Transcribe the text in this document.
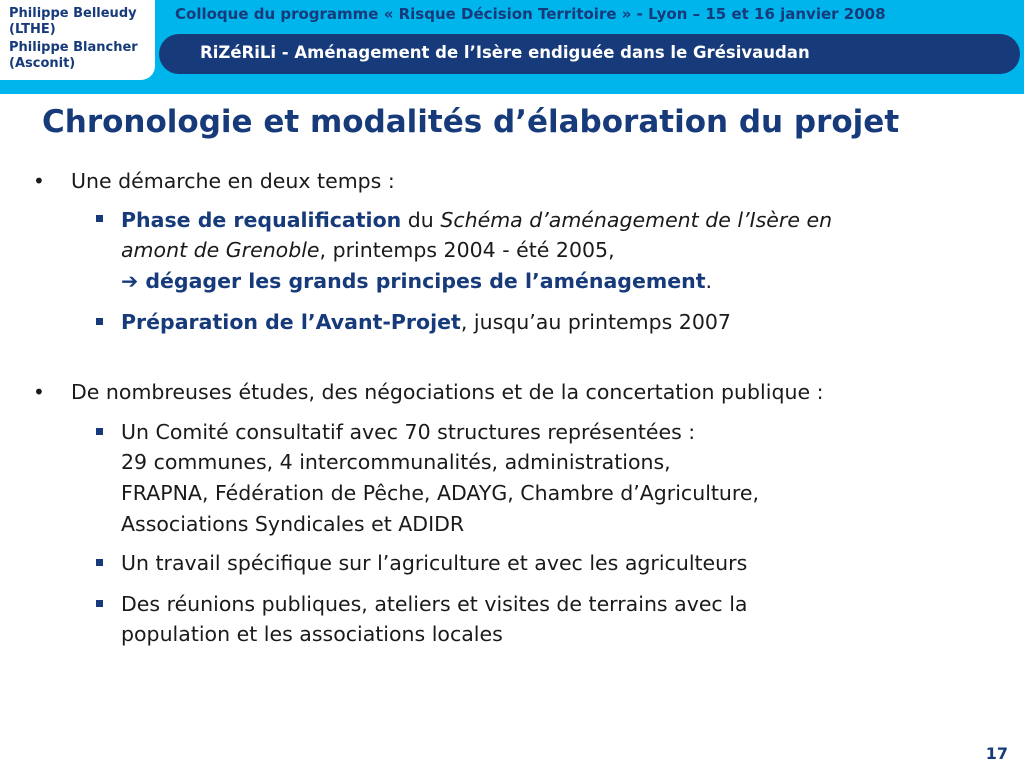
Philippe Belleudy
(LTHE)
Philippe Blancher
(Asconit)
Colloque du programme « Risque Décision Territoire » - Lyon – 15 et 16 janvier 2008
RiZéRiLi - Aménagement de l’Isère endiguée dans le Grésivaudan
Chronologie et modalités d’élaboration du projet
• Une démarche en deux temps :
Phase de requalification du Schéma d’aménagement de l’Isère en
amont de Grenoble, printemps 2004 - été 2005,
➔ dégager les grands principes de l’aménagement.
Préparation de l’Avant-Projet, jusqu’au printemps 2007
• De nombreuses études, des négociations et de la concertation publique :
Un Comité consultatif avec 70 structures représentées :
29 communes, 4 intercommunalités, administrations,
FRAPNA, Fédération de Pêche, ADAYG, Chambre d’Agriculture,
Associations Syndicales et ADIDR
Un travail spécifique sur l’agriculture et avec les agriculteurs
Des réunions publiques, ateliers et visites de terrains avec la
population et les associations locales
17
